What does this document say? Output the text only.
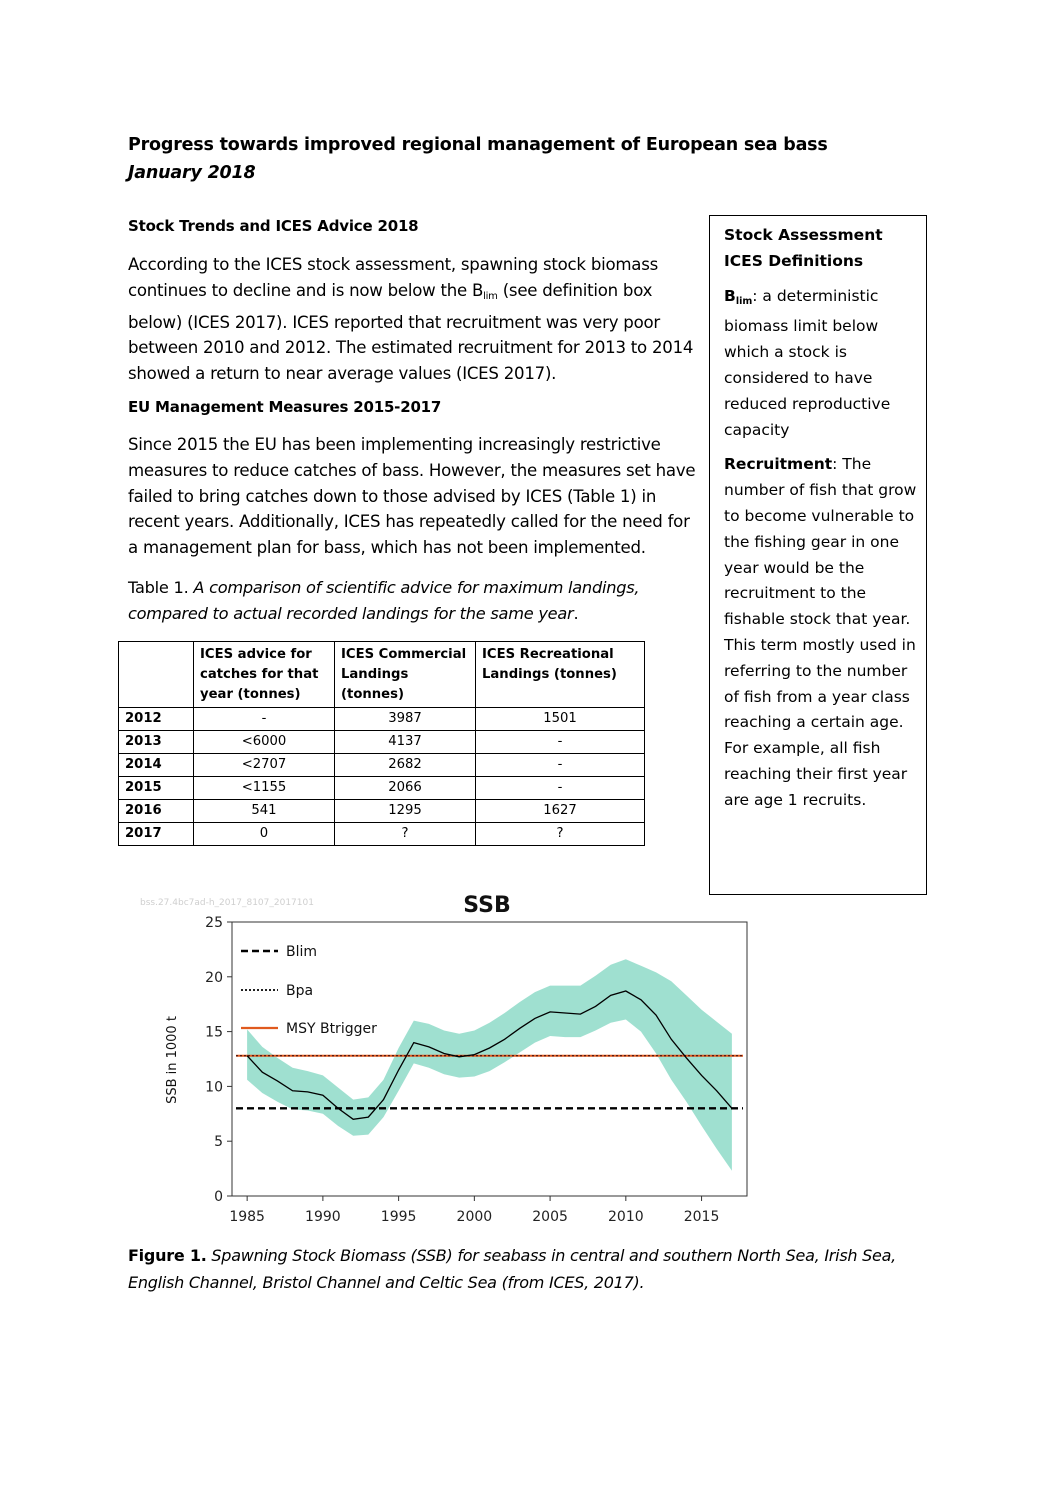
Progress towards improved regional management of European sea bass
January 2018
Stock Trends and ICES Advice 2018
According to the ICES stock assessment, spawning stock biomass continues to decline and is now below the $B_{lim}$ (see definition box below) (ICES 2017). ICES reported that recruitment was very poor between 2010 and 2012. The estimated recruitment for 2013 to 2014 showed a return to near average values (ICES 2017).
EU Management Measures 2015-2017
Since 2015 the EU has been implementing increasingly restrictive measures to reduce catches of bass. However, the measures set have failed to bring catches down to those advised by ICES (Table 1) in recent years. Additionally, ICES has repeatedly called for the need for a management plan for bass, which has not been implemented.
Table 1. A comparison of scientific advice for maximum landings, compared to actual recorded landings for the same year.
	ICES advice for catches for that year (tonnes)	ICES Commercial Landings (tonnes)	ICES Recreational Landings (tonnes)
2012	-	3987	1501
2013	<6000	4137	-
2014	<2707	2682	-
2015	<1155	2066	-
2016	541	1295	1627
2017	0	?	?
Stock Assessment ICES Definitions
$B_{lim}$: a deterministic biomass limit below which a stock is considered to have reduced reproductive capacity
Recruitment: The number of fish that grow to become vulnerable to the fishing gear in one year would be the recruitment to the fishable stock that year. This term mostly used in referring to the number of fish from a year class reaching a certain age. For example, all fish reaching their first year are age 1 recruits.
bss.27.4bc7ad-h_2017_8107_2017101	SSB
SSB in 1000 t
0
5
10
15
20
25
1985	1990	1995	2000	2005	2010	2015
Blim
Bpa
MSY Btrigger
Figure 1. Spawning Stock Biomass (SSB) for seabass in central and southern North Sea, Irish Sea, English Channel, Bristol Channel and Celtic Sea (from ICES, 2017).
